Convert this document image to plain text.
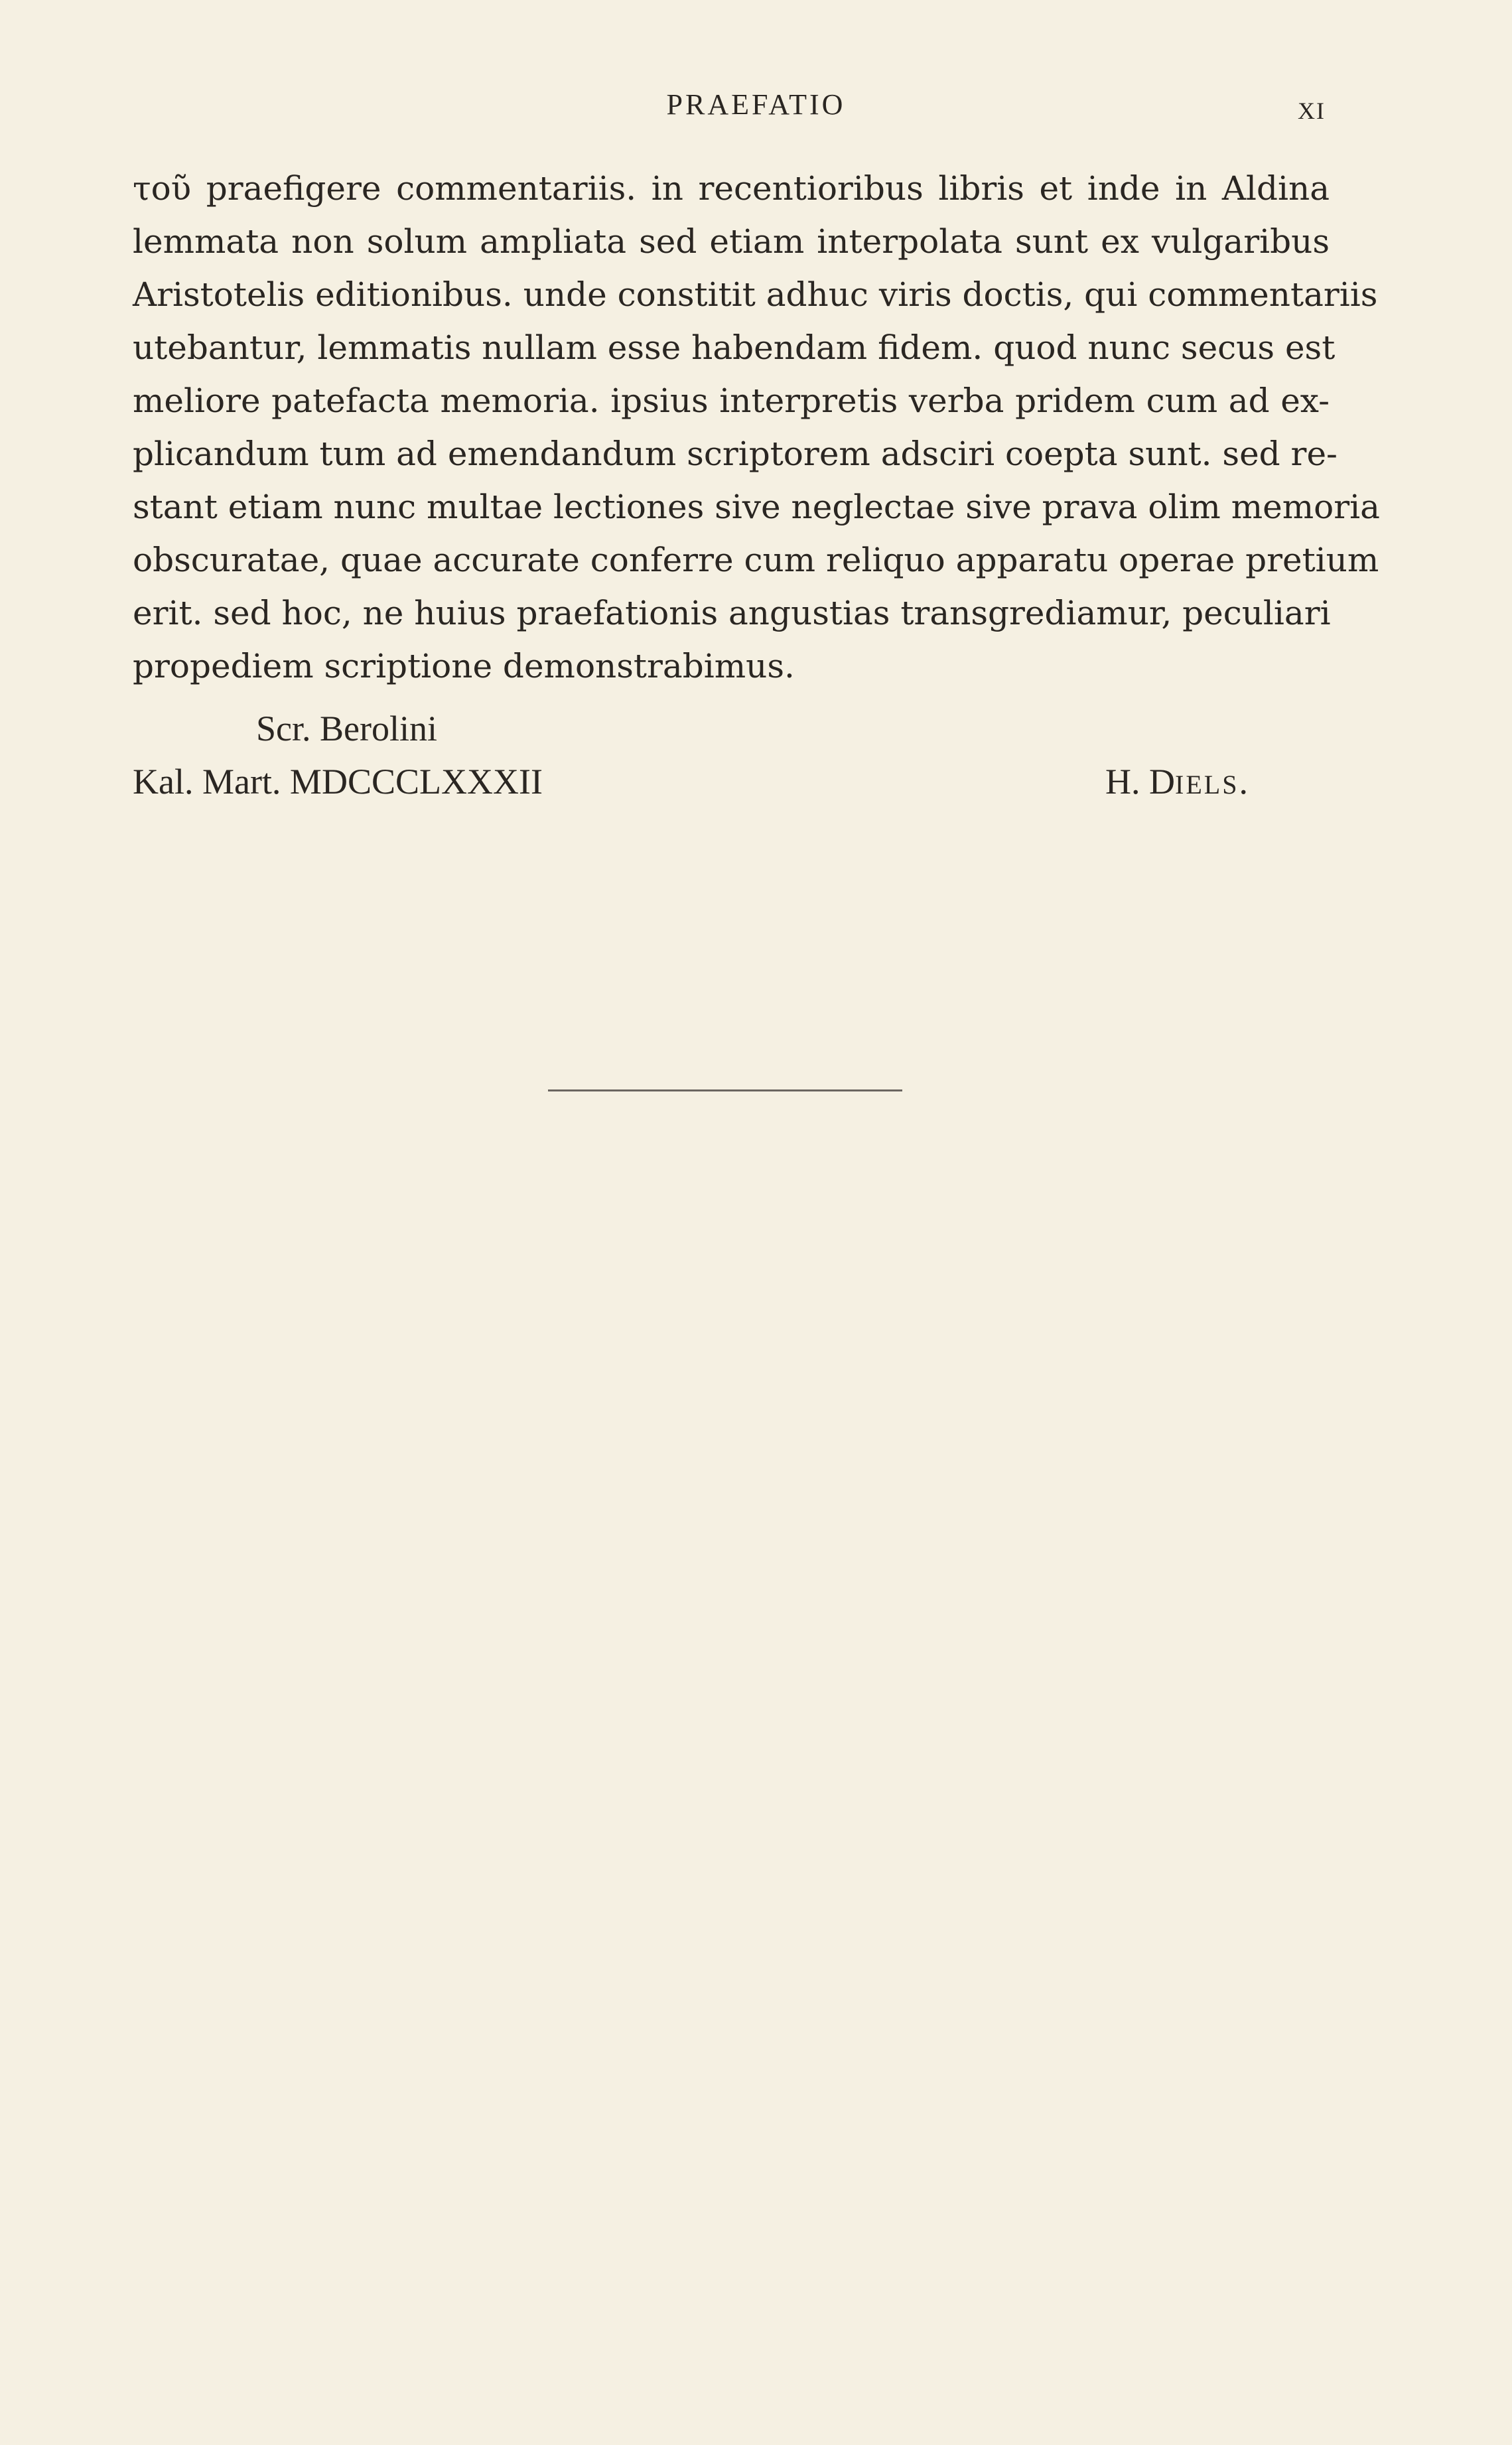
PRAEFATIO	XI
τοῦ praefigere commentariis. in recentioribus libris et inde in Aldina
lemmata non solum ampliata sed etiam interpolata sunt ex vulgaribus
Aristotelis editionibus. unde constitit adhuc viris doctis, qui commentariis
utebantur, lemmatis nullam esse habendam fidem. quod nunc secus est
meliore patefacta memoria. ipsius interpretis verba pridem cum ad ex-
plicandum tum ad emendandum scriptorem adsciri coepta sunt. sed re-
stant etiam nunc multae lectiones sive neglectae sive prava olim memoria
obscuratae, quae accurate conferre cum reliquo apparatu operae pretium
erit. sed hoc, ne huius praefationis angustias transgrediamur, peculiari
propediem scriptione demonstrabimus.
Scr. Berolini
Kal. Mart. MDCCCLXXXII	H. DIELS.
